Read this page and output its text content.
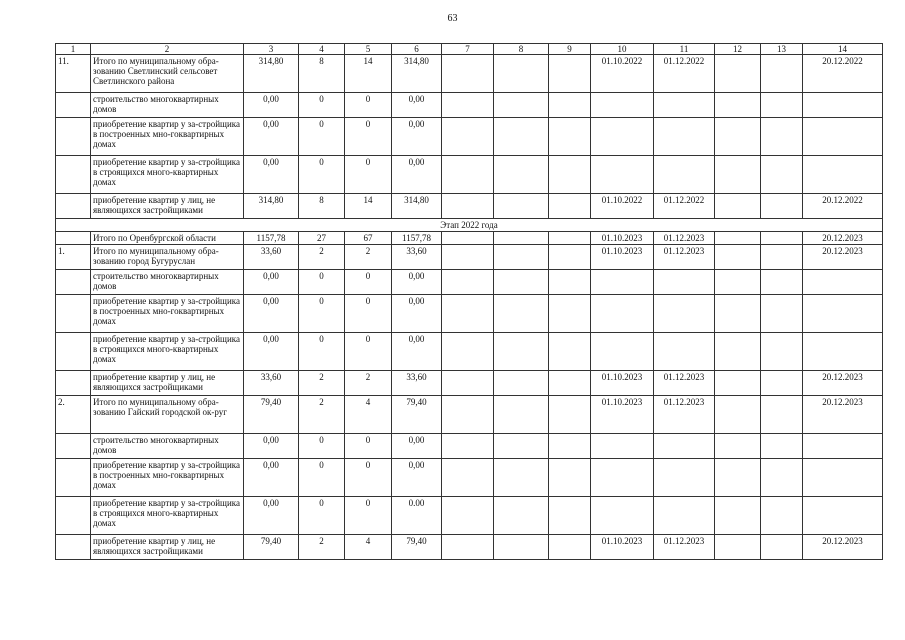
63
1	2	3	4	5	6	7	8	9	10	11	12	13	14
11.	Итого по муниципальному обра-зованию Светлинский сельсовет Светлинского района	314,80	8	14	314,80				01.10.2022	01.12.2022			20.12.2022
	строительство многоквартирных домов	0,00	0	0	0,00								
	приобретение квартир у за-стройщика в построенных мно-гоквартирных домах	0,00	0	0	0,00								
	приобретение квартир у за-стройщика в строящихся много-квартирных домах	0,00	0	0	0,00								
	приобретение квартир у лиц, не являющихся застройщиками	314,80	8	14	314,80				01.10.2022	01.12.2022			20.12.2022
Этап 2022 года													
	Итого по Оренбургской области	1157,78	27	67	1157,78				01.10.2023	01.12.2023			20.12.2023
1.	Итого по муниципальному обра-зованию город Бугуруслан	33,60	2	2	33,60				01.10.2023	01.12.2023			20.12.2023
	строительство многоквартирных домов	0,00	0	0	0,00								
	приобретение квартир у за-стройщика в построенных мно-гоквартирных домах	0,00	0	0	0,00								
	приобретение квартир у за-стройщика в строящихся много-квартирных домах	0,00	0	0	0,00								
	приобретение квартир у лиц, не являющихся застройщиками	33,60	2	2	33,60				01.10.2023	01.12.2023			20.12.2023
2.	Итого по муниципальному обра-зованию Гайский городской ок-руг	79,40	2	4	79,40				01.10.2023	01.12.2023			20.12.2023
	строительство многоквартирных домов	0,00	0	0	0,00								
	приобретение квартир у за-стройщика в построенных мно-гоквартирных домах	0,00	0	0	0,00								
	приобретение квартир у за-стройщика в строящихся много-квартирных домах	0,00	0	0	0.00								
	приобретение квартир у лиц, не являющихся застройщиками	79,40	2	4	79,40				01.10.2023	01.12.2023			20.12.2023
